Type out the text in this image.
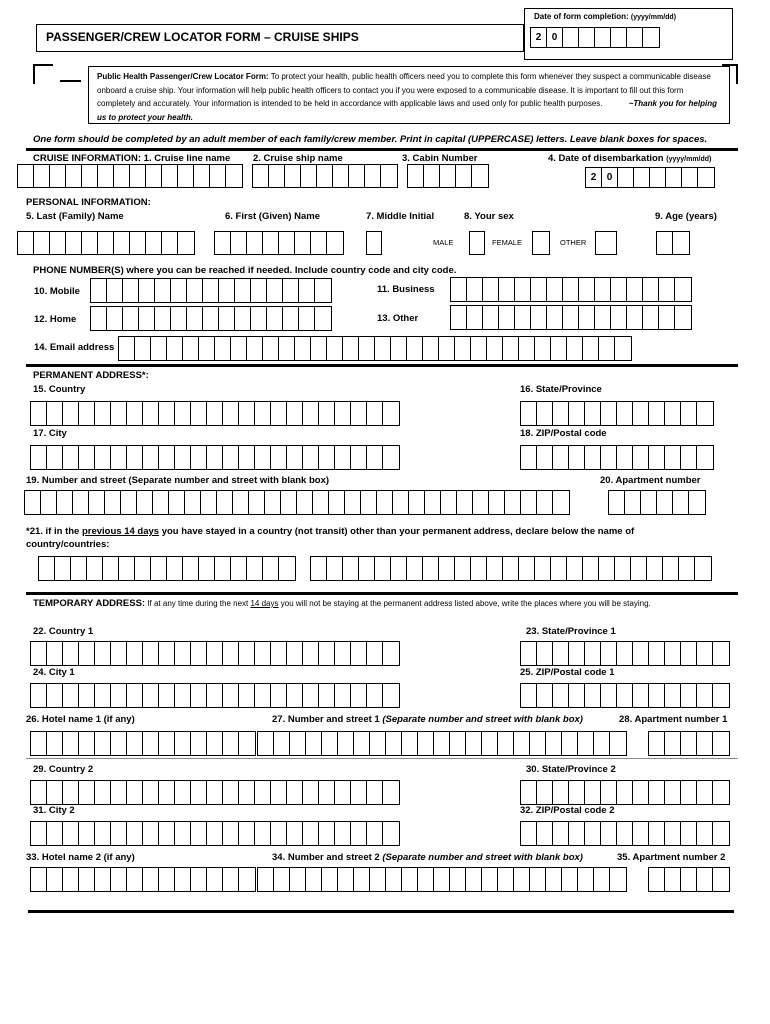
PASSENGER/CREW LOCATOR FORM – CRUISE SHIPS
Date of form completion: (yyyy/mm/dd)
2	0

Public Health Passenger/Crew Locator Form: To protect your health, public health officers need you to complete this form whenever they suspect a communicable disease onboard a cruise ship. Your information will help public health officers to contact you if you were exposed to a communicable disease. It is important to fill out this form completely and accurately. Your information is intended to be held in accordance with applicable laws and used only for public health purposes.	~Thank you for helping us to protect your health.

One form should be completed by an adult member of each family/crew member. Print in capital (UPPERCASE) letters. Leave blank boxes for spaces.
CRUISE INFORMATION: 1. Cruise line name 2. Cruise ship name	3. Cabin Number	4. Date of disembarkation (yyyy/mm/dd)
2	0
PERSONAL INFORMATION:
5. Last (Family) Name	6. First (Given) Name	7. Middle Initial	8. Your sex	9. Age (years)
MALE	FEMALE	OTHER
PHONE NUMBER(S) where you can be reached if needed. Include country code and city code.
10. Mobile	11. Business
12. Home	13. Other
14. Email address
PERMANENT ADDRESS*:
15. Country	16. State/Province
17. City	18. ZIP/Postal code
19. Number and street (Separate number and street with blank box)	20. Apartment number
*21. if in the previous 14 days you have stayed in a country (not transit) other than your permanent address, declare below the name of
country/countries:
TEMPORARY ADDRESS: If at any time during the next 14 days you will not be staying at the permanent address listed above, write the places where you will be staying.
22. Country 1	23. State/Province 1
24. City 1	25. ZIP/Postal code 1
26. Hotel name 1 (if any)	27. Number and street 1 (Separate number and street with blank box)	28. Apartment number 1
29. Country 2	30. State/Province 2
31. City 2	32. ZIP/Postal code 2
33. Hotel name 2 (if any)	34. Number and street 2 (Separate number and street with blank box)	35. Apartment number 2
